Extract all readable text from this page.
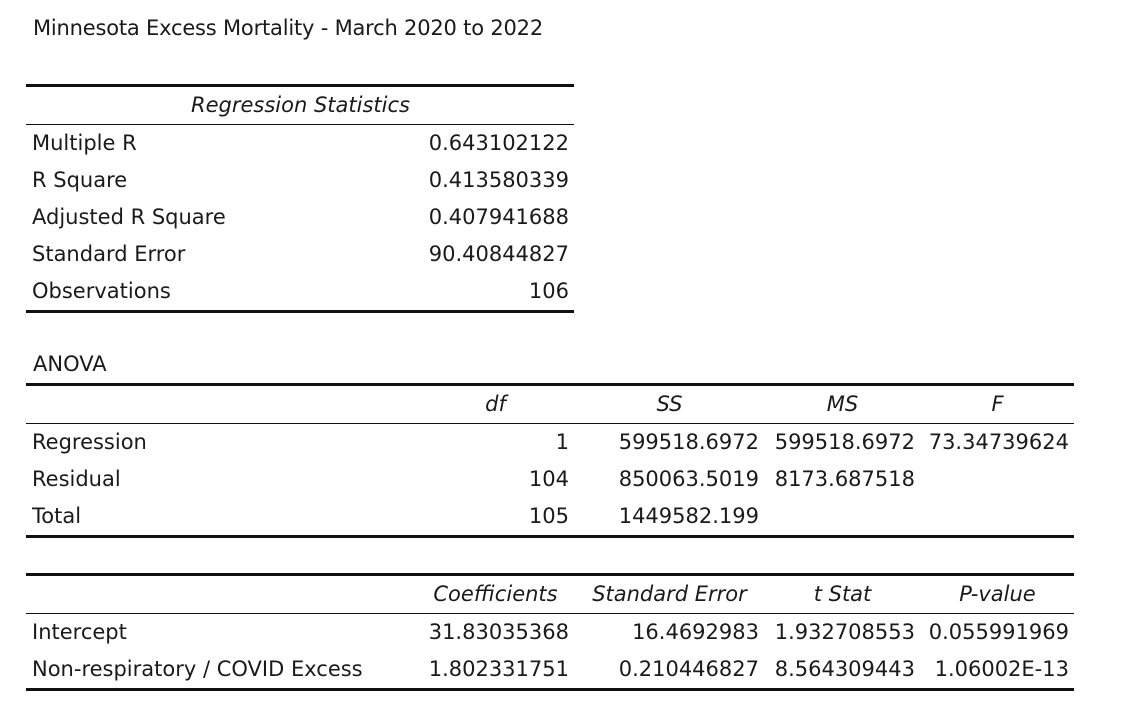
Minnesota Excess Mortality - March 2020 to 2022
Regression Statistics	
Multiple R	0.643102122
R Square	0.413580339
Adjusted R Square	0.407941688
Standard Error	90.40844827
Observations	106
ANOVA
	df	SS	MS	F
Regression	1	599518.6972	599518.6972	73.34739624
Residual	104	850063.5019	8173.687518	
Total	105	1449582.199		
	Coefficients	Standard Error	t Stat	P-value
Intercept	31.83035368	16.4692983	1.932708553	0.055991969
Non-respiratory / COVID Excess	1.802331751	0.210446827	8.564309443	1.06002E-13
